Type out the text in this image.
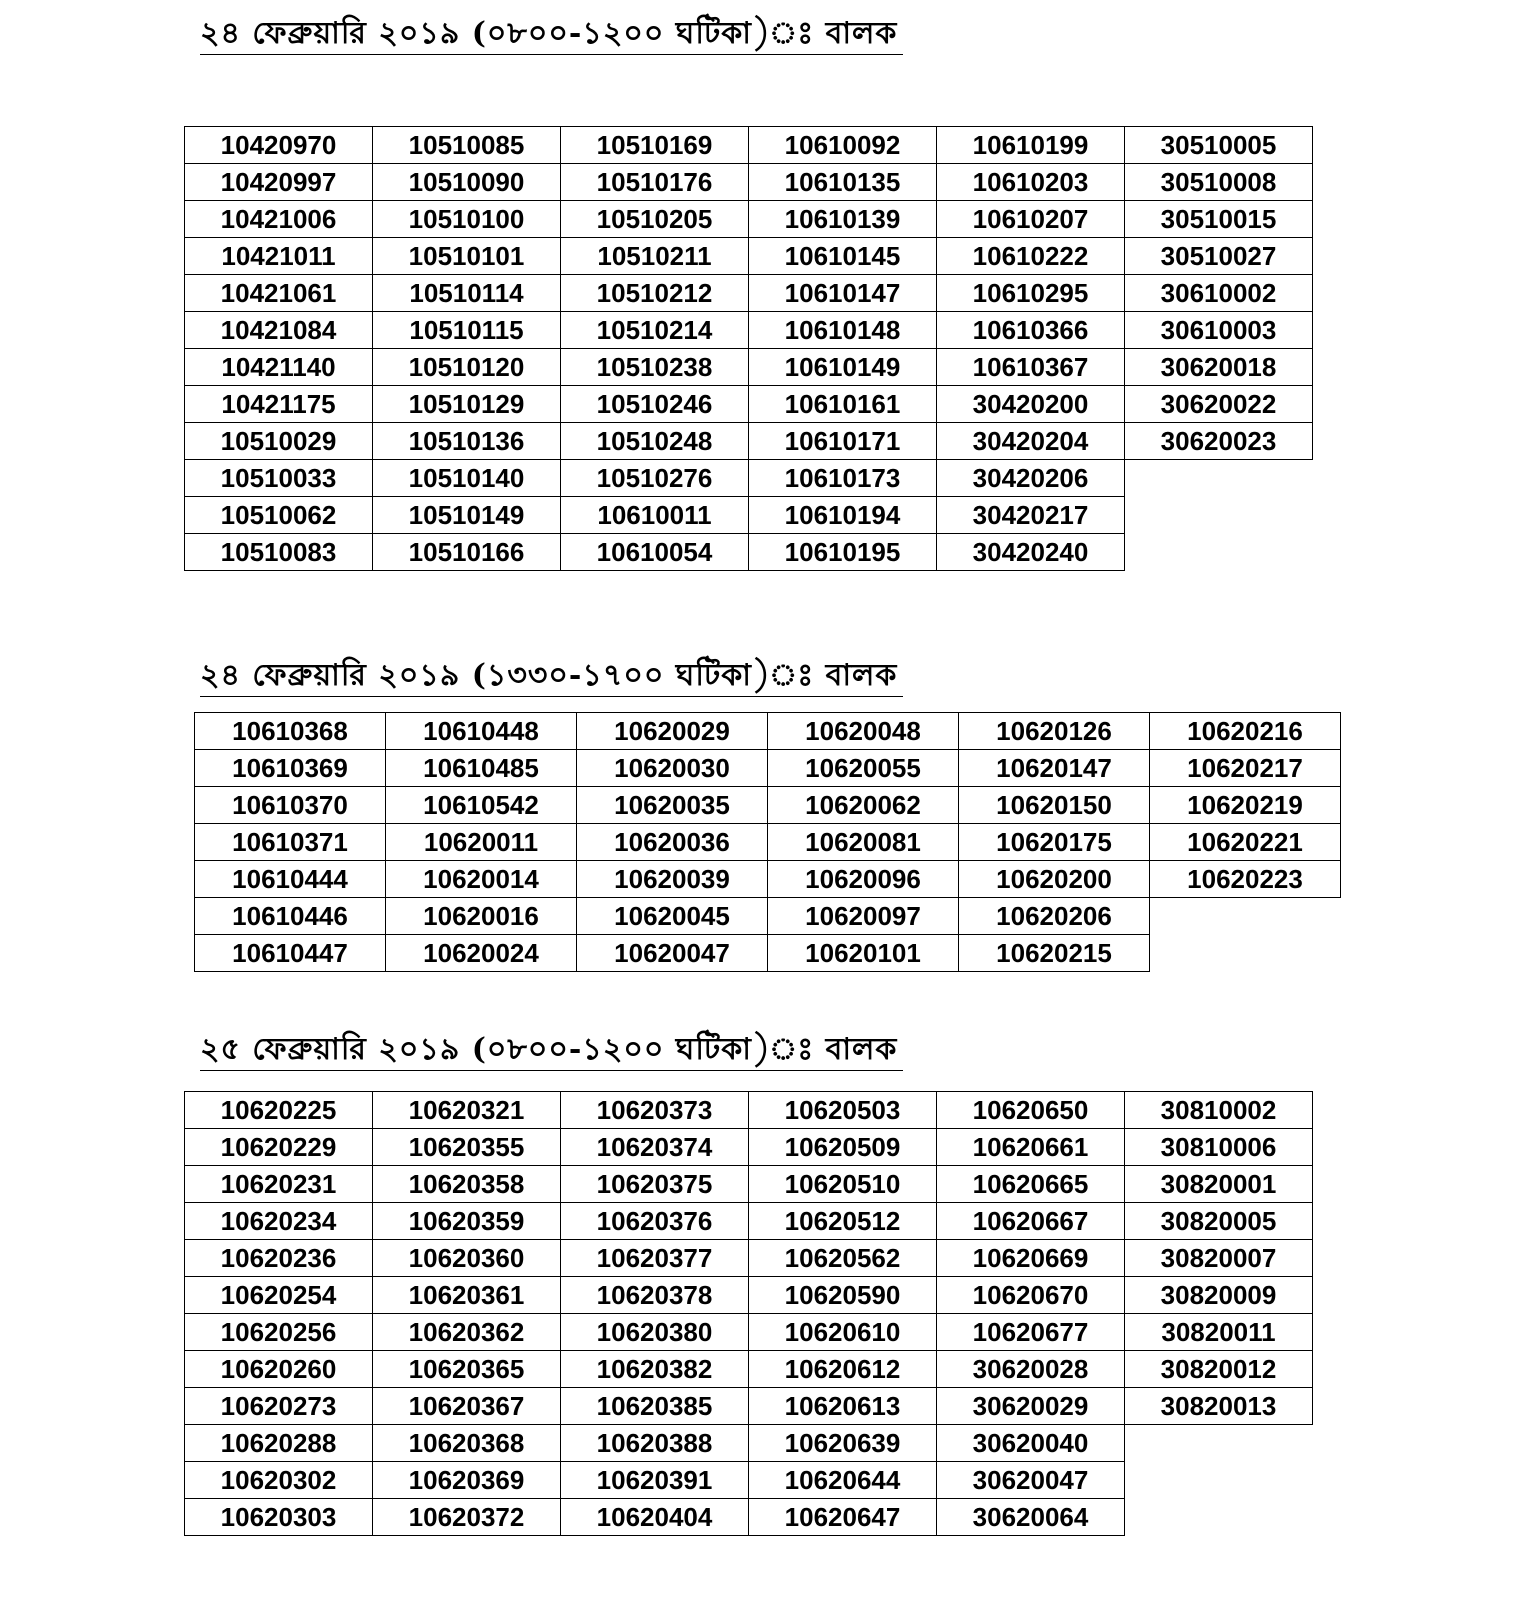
২৪ ফেব্রুয়ারি ২০১৯ (০৮০০-১২০০ ঘটিকা)ঃ বালক
10420970
10420997
10421006
10421011
10421061
10421084
10421140
10421175
10510029
10510033
10510062
10510083
10510085
10510090
10510100
10510101
10510114
10510115
10510120
10510129
10510136
10510140
10510149
10510166
10510169
10510176
10510205
10510211
10510212
10510214
10510238
10510246
10510248
10510276
10610011
10610054
10610092
10610135
10610139
10610145
10610147
10610148
10610149
10610161
10610171
10610173
10610194
10610195
10610199
10610203
10610207
10610222
10610295
10610366
10610367
30420200
30420204
30420206
30420217
30420240
30510005
30510008
30510015
30510027
30610002
30610003
30620018
30620022
30620023
২৪ ফেব্রুয়ারি ২০১৯ (১৩৩০-১৭০০ ঘটিকা)ঃ বালক
10610368
10610369
10610370
10610371
10610444
10610446
10610447
10610448
10610485
10610542
10620011
10620014
10620016
10620024
10620029
10620030
10620035
10620036
10620039
10620045
10620047
10620048
10620055
10620062
10620081
10620096
10620097
10620101
10620126
10620147
10620150
10620175
10620200
10620206
10620215
10620216
10620217
10620219
10620221
10620223
২৫ ফেব্রুয়ারি ২০১৯ (০৮০০-১২০০ ঘটিকা)ঃ বালক
10620225
10620229
10620231
10620234
10620236
10620254
10620256
10620260
10620273
10620288
10620302
10620303
10620321
10620355
10620358
10620359
10620360
10620361
10620362
10620365
10620367
10620368
10620369
10620372
10620373
10620374
10620375
10620376
10620377
10620378
10620380
10620382
10620385
10620388
10620391
10620404
10620503
10620509
10620510
10620512
10620562
10620590
10620610
10620612
10620613
10620639
10620644
10620647
10620650
10620661
10620665
10620667
10620669
10620670
10620677
30620028
30620029
30620040
30620047
30620064
30810002
30810006
30820001
30820005
30820007
30820009
30820011
30820012
30820013
